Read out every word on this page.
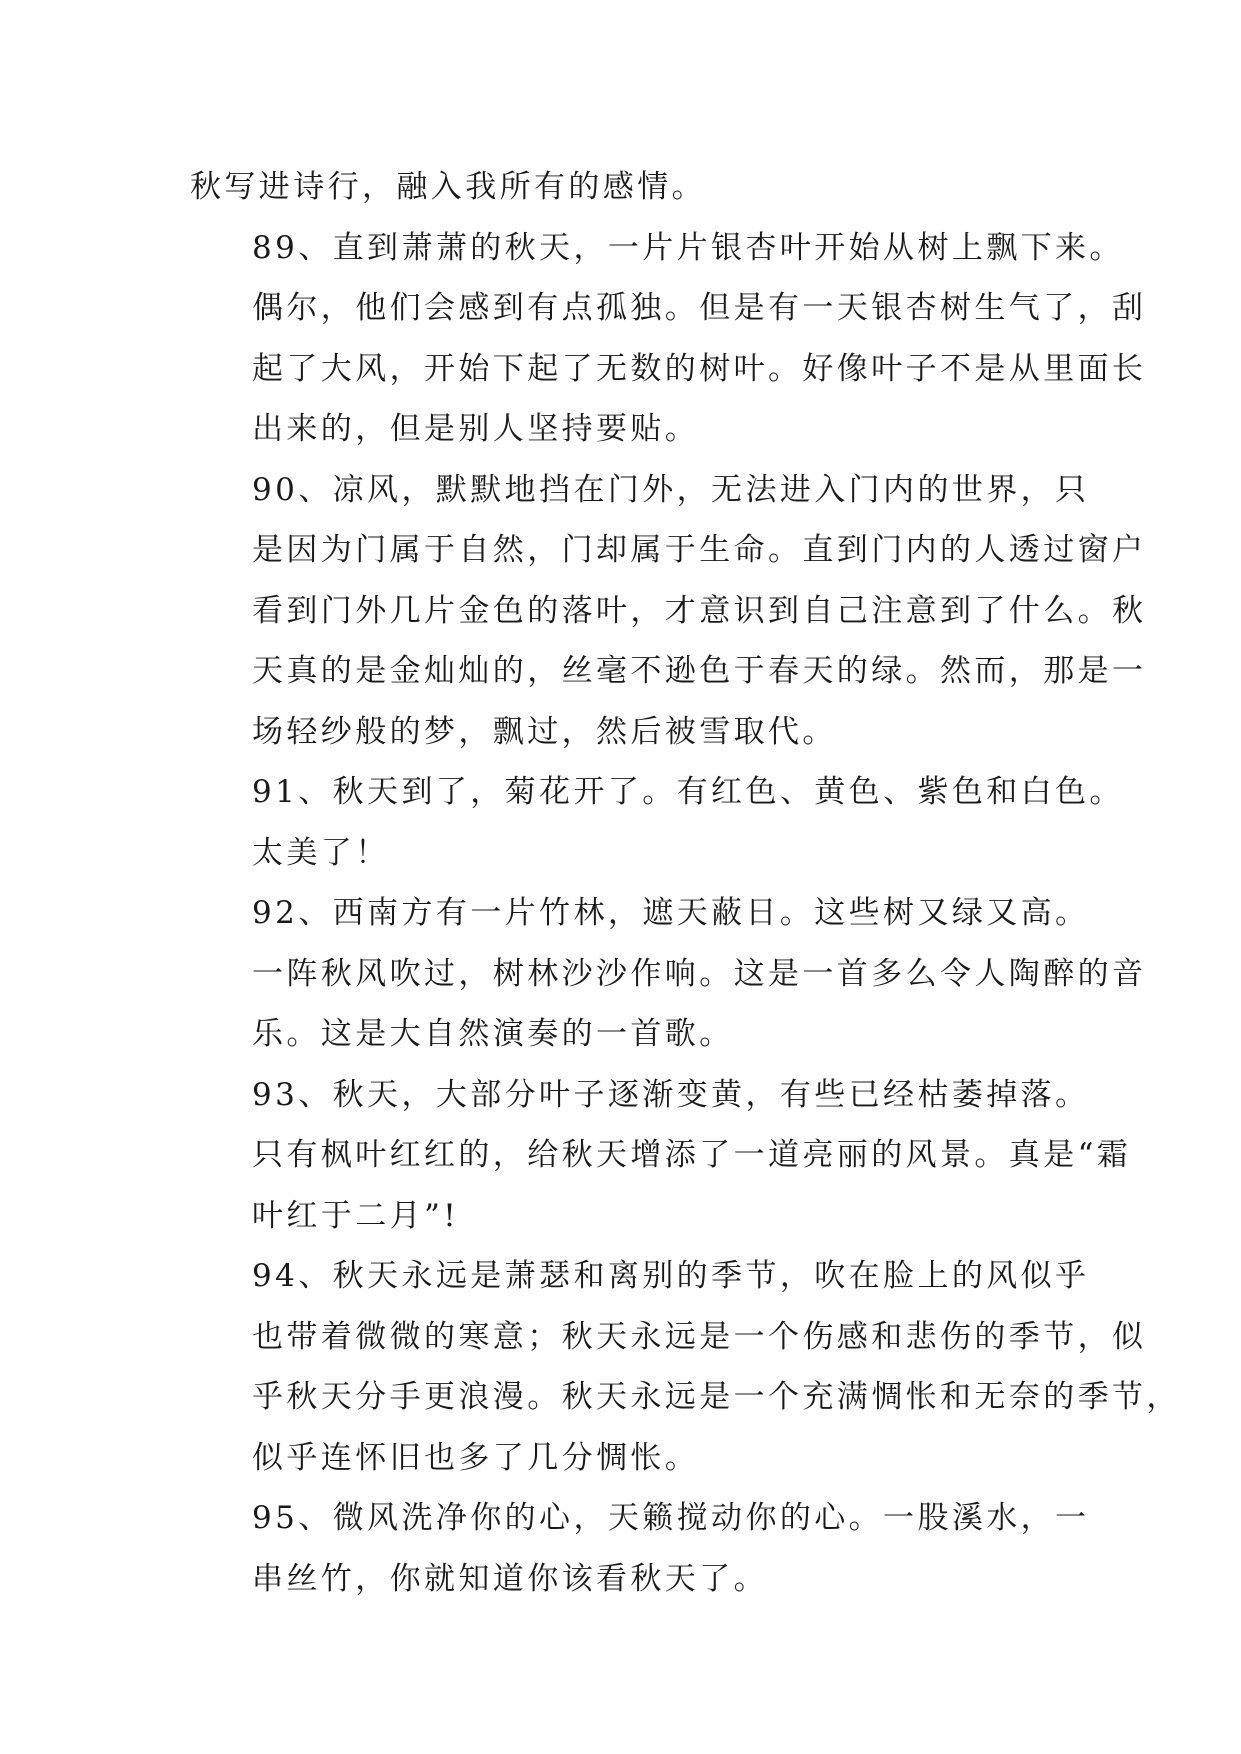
秋写进诗行，融入我所有的感情。

89、直到萧萧的秋天，一片片银杏叶开始从树上飘下来。
偶尔，他们会感到有点孤独。但是有一天银杏树生气了，刮
起了大风，开始下起了无数的树叶。好像叶子不是从里面长
出来的，但是别人坚持要贴。

90、凉风，默默地挡在门外，无法进入门内的世界，只
是因为门属于自然，门却属于生命。直到门内的人透过窗户
看到门外几片金色的落叶，才意识到自己注意到了什么。秋
天真的是金灿灿的，丝毫不逊色于春天的绿。然而，那是一
场轻纱般的梦，飘过，然后被雪取代。

91、秋天到了，菊花开了。有红色、黄色、紫色和白色。
太美了！

92、西南方有一片竹林，遮天蔽日。这些树又绿又高。
一阵秋风吹过，树林沙沙作响。这是一首多么令人陶醉的音
乐。这是大自然演奏的一首歌。

93、秋天，大部分叶子逐渐变黄，有些已经枯萎掉落。
只有枫叶红红的，给秋天增添了一道亮丽的风景。真是“霜
叶红于二月”!

94、秋天永远是萧瑟和离别的季节，吹在脸上的风似乎
也带着微微的寒意；秋天永远是一个伤感和悲伤的季节，似
乎秋天分手更浪漫。秋天永远是一个充满惆怅和无奈的季节，
似乎连怀旧也多了几分惆怅。

95、微风洗净你的心，天籁搅动你的心。一股溪水，一
串丝竹，你就知道你该看秋天了。
